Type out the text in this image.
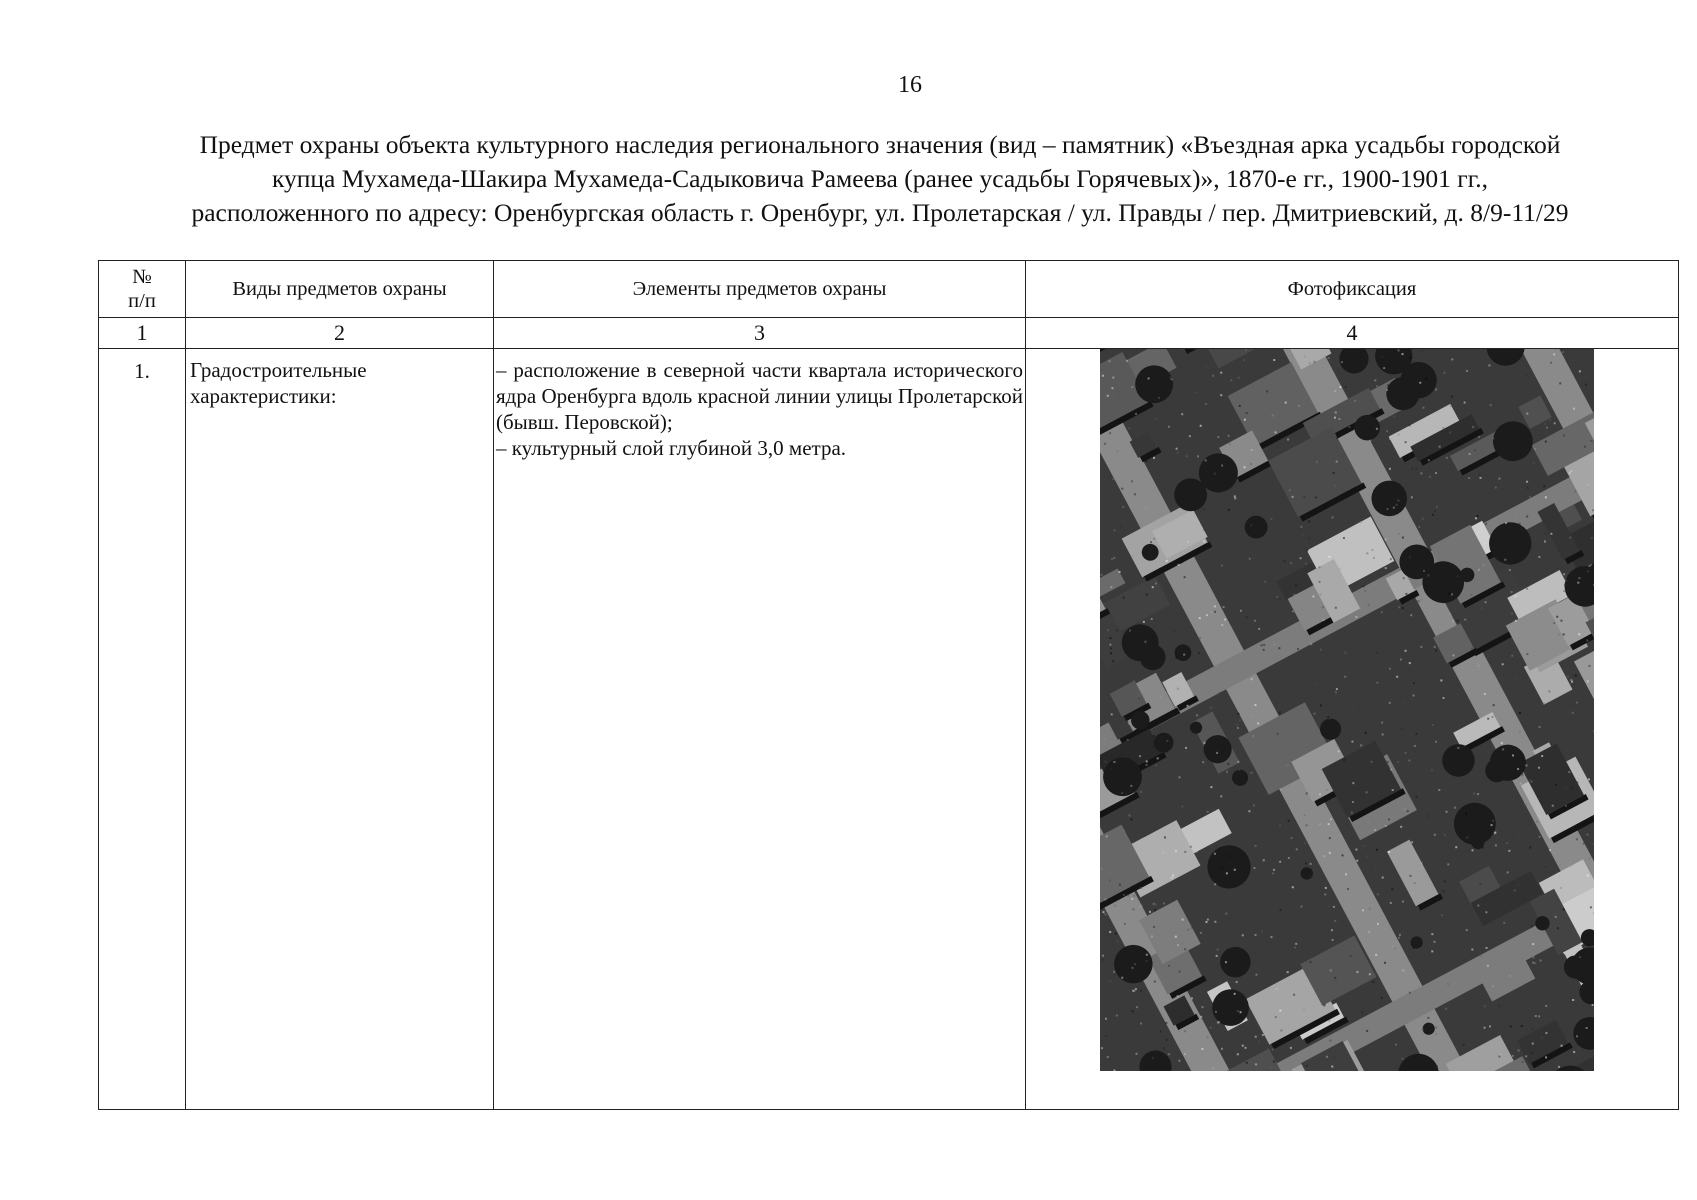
16
Предмет охраны объекта культурного наследия регионального значения (вид – памятник) «Въездная арка усадьбы городской
купца Мухамеда-Шакира Мухамеда-Садыковича Рамеева (ранее усадьбы Горячевых)», 1870-е гг., 1900-1901 гг.,
расположенного по адресу: Оренбургская область г. Оренбург, ул. Пролетарская / ул. Правды / пер. Дмитриевский, д. 8/9-11/29
№
п/п	Виды предметов охраны	Элементы предметов охраны	Фотофиксация
1	2	3	4
1.	Градостроительные характеристики:	– расположение в северной части квартала исторического ядра Оренбурга вдоль красной линии улицы Пролетарской (бывш. Перовской);

– культурный слой глубиной 3,0 метра.
